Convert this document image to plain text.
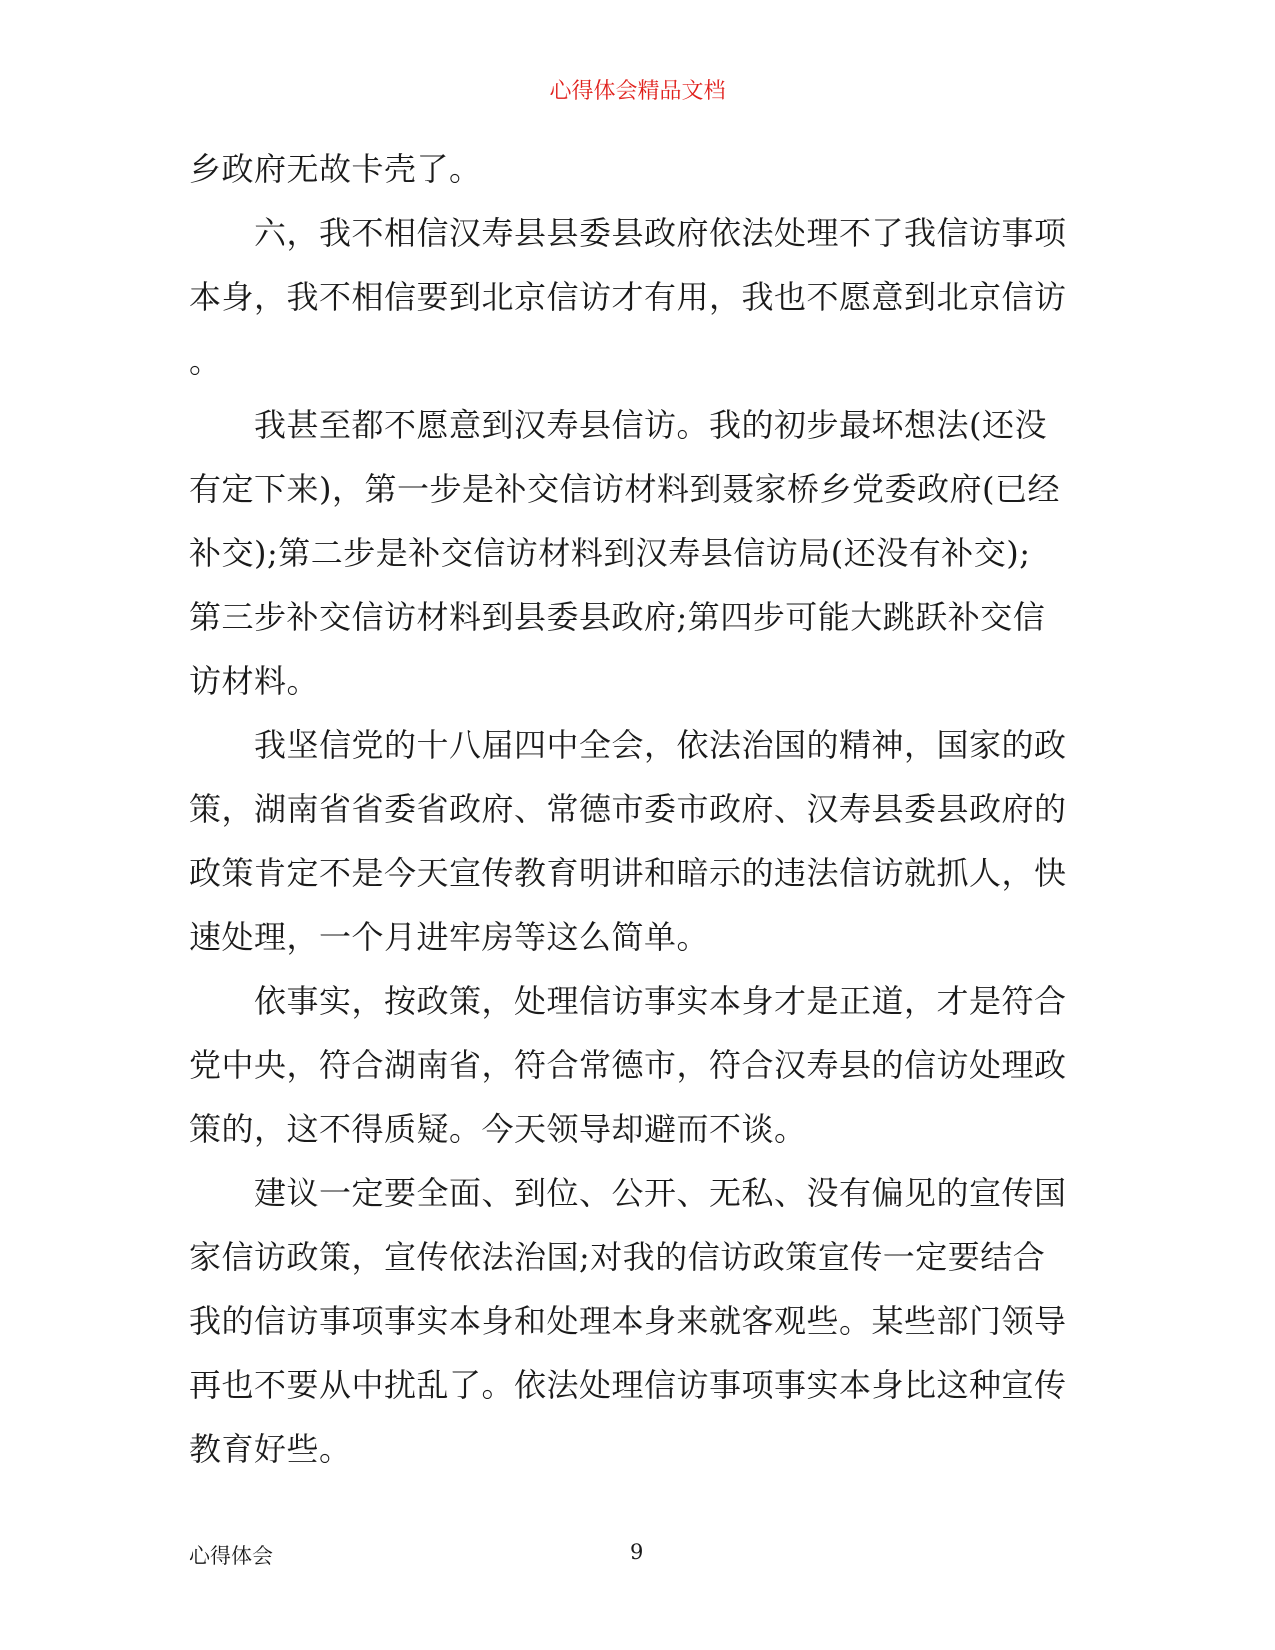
心得体会精品文档
乡政府无故卡壳了。
　　六，我不相信汉寿县县委县政府依法处理不了我信访事项
本身，我不相信要到北京信访才有用，我也不愿意到北京信访
。
　　我甚至都不愿意到汉寿县信访。我的初步最坏想法(还没
有定下来)，第一步是补交信访材料到聂家桥乡党委政府(已经
补交);第二步是补交信访材料到汉寿县信访局(还没有补交);
第三步补交信访材料到县委县政府;第四步可能大跳跃补交信
访材料。
　　我坚信党的十八届四中全会，依法治国的精神，国家的政
策，湖南省省委省政府、常德市委市政府、汉寿县委县政府的
政策肯定不是今天宣传教育明讲和暗示的违法信访就抓人，快
速处理，一个月进牢房等这么简单。
　　依事实，按政策，处理信访事实本身才是正道，才是符合
党中央，符合湖南省，符合常德市，符合汉寿县的信访处理政
策的，这不得质疑。今天领导却避而不谈。
　　建议一定要全面、到位、公开、无私、没有偏见的宣传国
家信访政策，宣传依法治国;对我的信访政策宣传一定要结合
我的信访事项事实本身和处理本身来就客观些。某些部门领导
再也不要从中扰乱了。依法处理信访事项事实本身比这种宣传
教育好些。
心得体会	9
